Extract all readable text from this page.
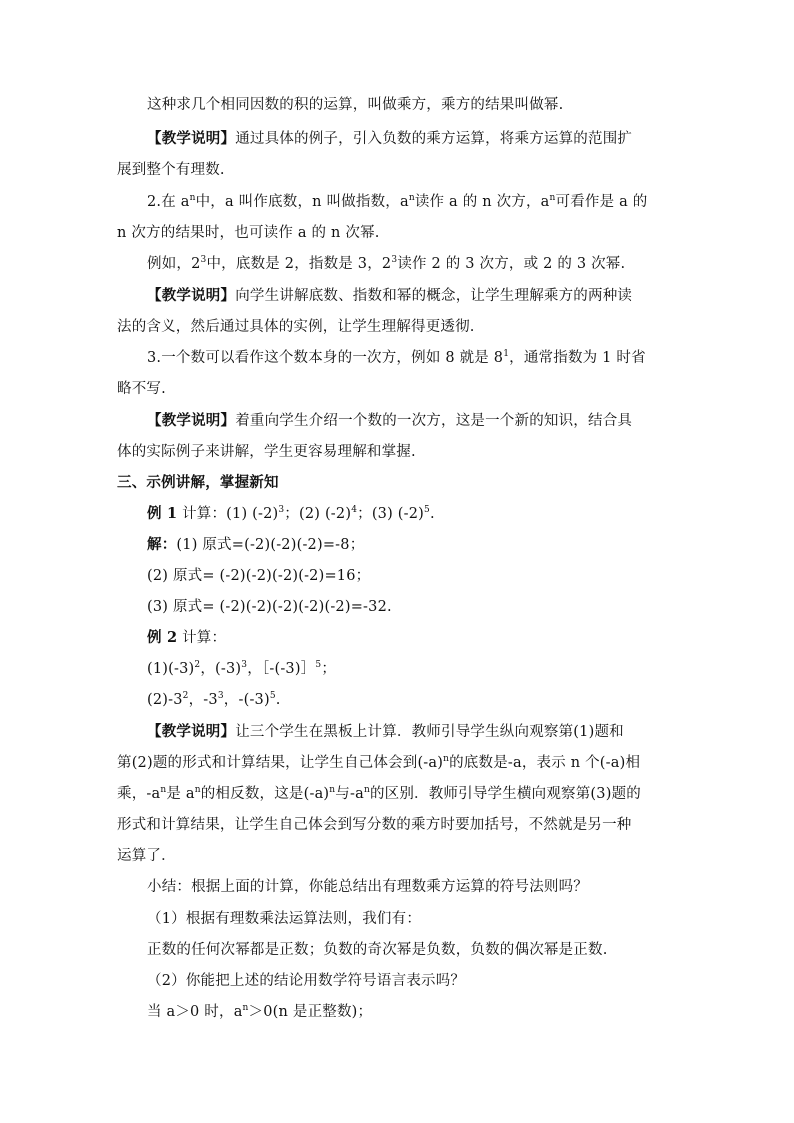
这种求几个相同因数的积的运算，叫做乘方，乘方的结果叫做幂.
【教学说明】通过具体的例子，引入负数的乘方运算，将乘方运算的范围扩
展到整个有理数.
2.在 $a^n$中，a 叫作底数，n 叫做指数，$a^n$读作 a 的 n 次方，$a^n$可看作是 a 的
n 次方的结果时，也可读作 a 的 n 次幂.
例如，$2^3$中，底数是 2，指数是 3，$2^3$读作 2 的 3 次方，或 2 的 3 次幂.
【教学说明】向学生讲解底数、指数和幂的概念，让学生理解乘方的两种读
法的含义，然后通过具体的实例，让学生理解得更透彻.
3.一个数可以看作这个数本身的一次方，例如 8 就是 $8^1$，通常指数为 1 时省
略不写.
【教学说明】着重向学生介绍一个数的一次方，这是一个新的知识，结合具
体的实际例子来讲解，学生更容易理解和掌握.
三、示例讲解，掌握新知
例 1 计算：(1) $(-2)^3$；(2) $(-2)^4$；(3) $(-2)^5$.
解：(1) 原式=(-2)(-2)(-2)=-8；
(2) 原式= (-2)(-2)(-2)(-2)=16；
(3) 原式= (-2)(-2)(-2)(-2)(-2)=-32.
例 2 计算：
$(1)(-3)^2$，$(-3)^3$，［-(-3)］$^5$；
$(2)-3^2$，$-3^3$，$-(-3)^5$.
【教学说明】让三个学生在黑板上计算．教师引导学生纵向观察第(1)题和
第(2)题的形式和计算结果，让学生自己体会到$(-a)^n$的底数是-a，表示 n 个(-a)相
乘，$-a^n$是 $a^n$的相反数，这是$(-a)^n$与$-a^n$的区别．教师引导学生横向观察第(3)题的
形式和计算结果，让学生自己体会到写分数的乘方时要加括号，不然就是另一种
运算了．
小结：根据上面的计算，你能总结出有理数乘方运算的符号法则吗？
（1）根据有理数乘法运算法则，我们有：
正数的任何次幂都是正数；负数的奇次幂是负数，负数的偶次幂是正数.
（2）你能把上述的结论用数学符号语言表示吗？
当 a＞0 时，$a^n>0(n$ 是正整数)；
